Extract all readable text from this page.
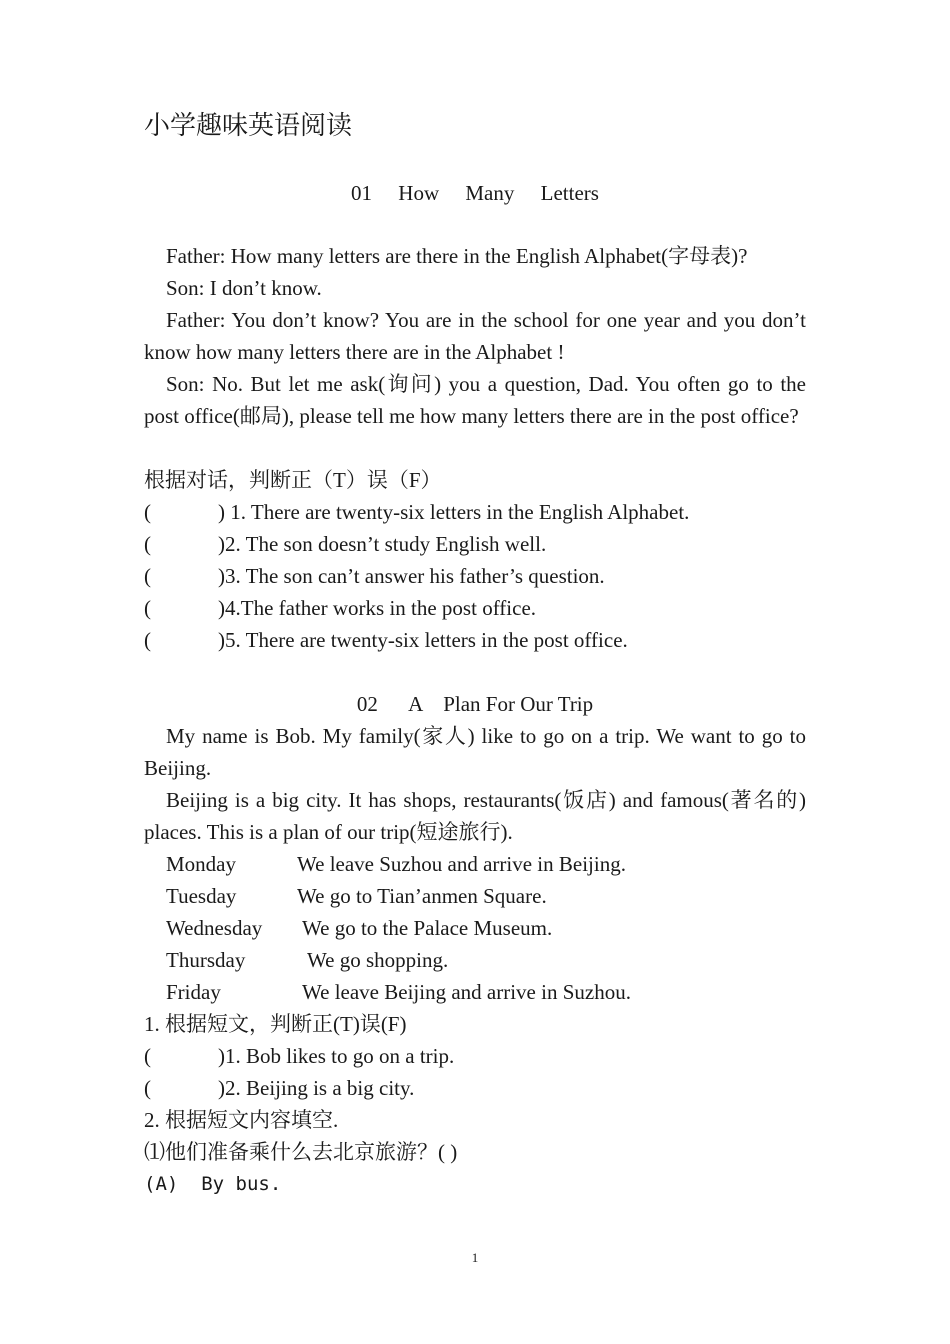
小学趣味英语阅读
01     How     Many     Letters

Father: How many letters are there in the English Alphabet(字母表)?

Son: I don’t know.

Father: You don’t know? You are in the school for one year and you don’t know how many letters there are in the Alphabet !

Son: No. But let me ask(询问) you a question, Dad. You often go to the post office(邮局), please tell me how many letters there are in the post office?

根据对话，判断正（T）误（F）

(	) 1. There are twenty-six letters in the English Alphabet.

(	)2. The son doesn’t study English well.

(	)3. The son can’t answer his father’s question.

(	)4.The father works in the post office.

(	)5. There are twenty-six letters in the post office.

02      A    Plan For Our Trip

My name is Bob. My family(家人) like to go on a trip. We want to go to Beijing.

Beijing is a big city. It has shops, restaurants(饭店) and famous(著名的) places. This is a plan of our trip(短途旅行).

Monday	We leave Suzhou and arrive in Beijing.
Tuesday	We go to Tian’anmen Square.
Wednesday We go to the Palace Museum.
Thursday	We go shopping.
Friday	We leave Beijing and arrive in Suzhou.

1. 根据短文，判断正(T)误(F)

(	)1. Bob likes to go on a trip.

(	)2. Beijing is a big city.

2. 根据短文内容填空.

⑴他们准备乘什么去北京旅游？( )

(A)  By bus.

1
